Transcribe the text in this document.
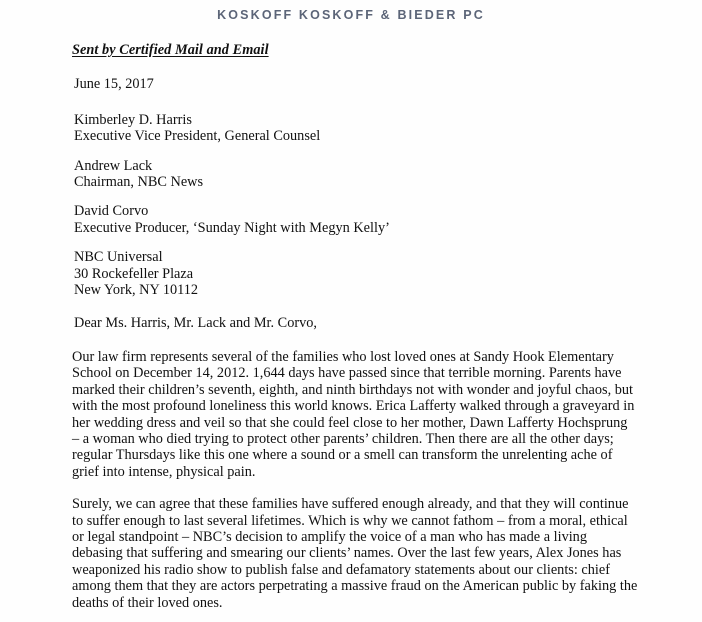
KOSKOFF KOSKOFF & BIEDER PC

Sent by Certified Mail and Email

June 15, 2017

Kimberley D. Harris
Executive Vice President, General Counsel

Andrew Lack
Chairman, NBC News

David Corvo
Executive Producer, ‘Sunday Night with Megyn Kelly’

NBC Universal
30 Rockefeller Plaza
New York, NY 10112

Dear Ms. Harris, Mr. Lack and Mr. Corvo,

Our law firm represents several of the families who lost loved ones at Sandy Hook Elementary School on December 14, 2012. 1,644 days have passed since that terrible morning. Parents have marked their children’s seventh, eighth, and ninth birthdays not with wonder and joyful chaos, but with the most profound loneliness this world knows. Erica Lafferty walked through a graveyard in her wedding dress and veil so that she could feel close to her mother, Dawn Lafferty Hochsprung – a woman who died trying to protect other parents’ children. Then there are all the other days; regular Thursdays like this one where a sound or a smell can transform the unrelenting ache of grief into intense, physical pain.

Surely, we can agree that these families have suffered enough already, and that they will continue to suffer enough to last several lifetimes. Which is why we cannot fathom – from a moral, ethical or legal standpoint – NBC’s decision to amplify the voice of a man who has made a living debasing that suffering and smearing our clients’ names. Over the last few years, Alex Jones has weaponized his radio show to publish false and defamatory statements about our clients: chief among them that they are actors perpetrating a massive fraud on the American public by faking the deaths of their loved ones.
